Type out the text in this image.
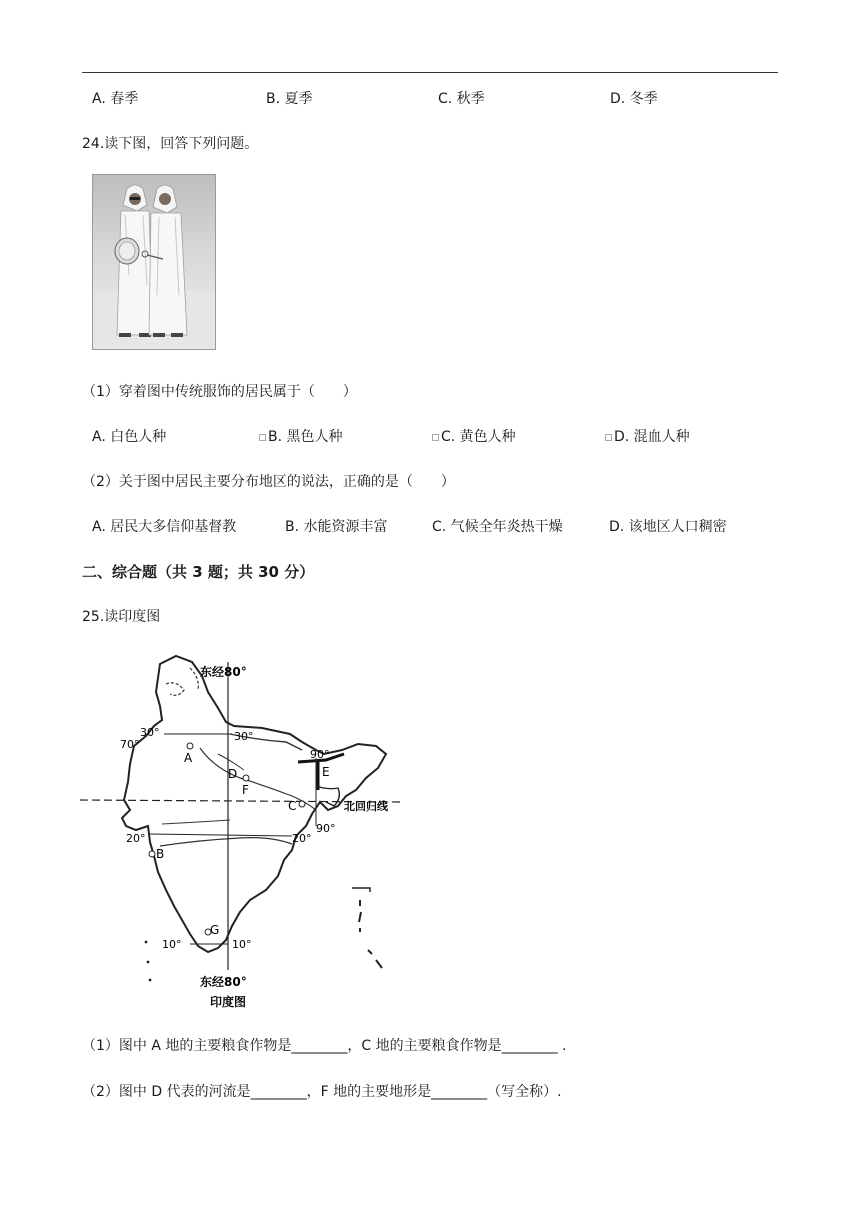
A. 春季	B. 夏季	C. 秋季	D. 冬季
24.读下图，回答下列问题。
（1）穿着图中传统服饰的居民属于（　　）
A. 白色人种	B. 黑色人种	C. 黄色人种	D. 混血人种
（2）关于图中居民主要分布地区的说法，正确的是（　　）
A. 居民大多信仰基督教	B. 水能资源丰富	C. 气候全年炎热干燥	D. 该地区人口稠密
二、综合题（共 3 题；共 30 分）
25.读印度图
东经80°
30°	30°
70°
90°
A
D
F
E
C	北回归线
90°
20°	20°
B
G
10°	10°
东经80°
印度图
（1）图中 A 地的主要粮食作物是________，C 地的主要粮食作物是________ .
（2）图中 D 代表的河流是________，F 地的主要地形是________（写全称）.
